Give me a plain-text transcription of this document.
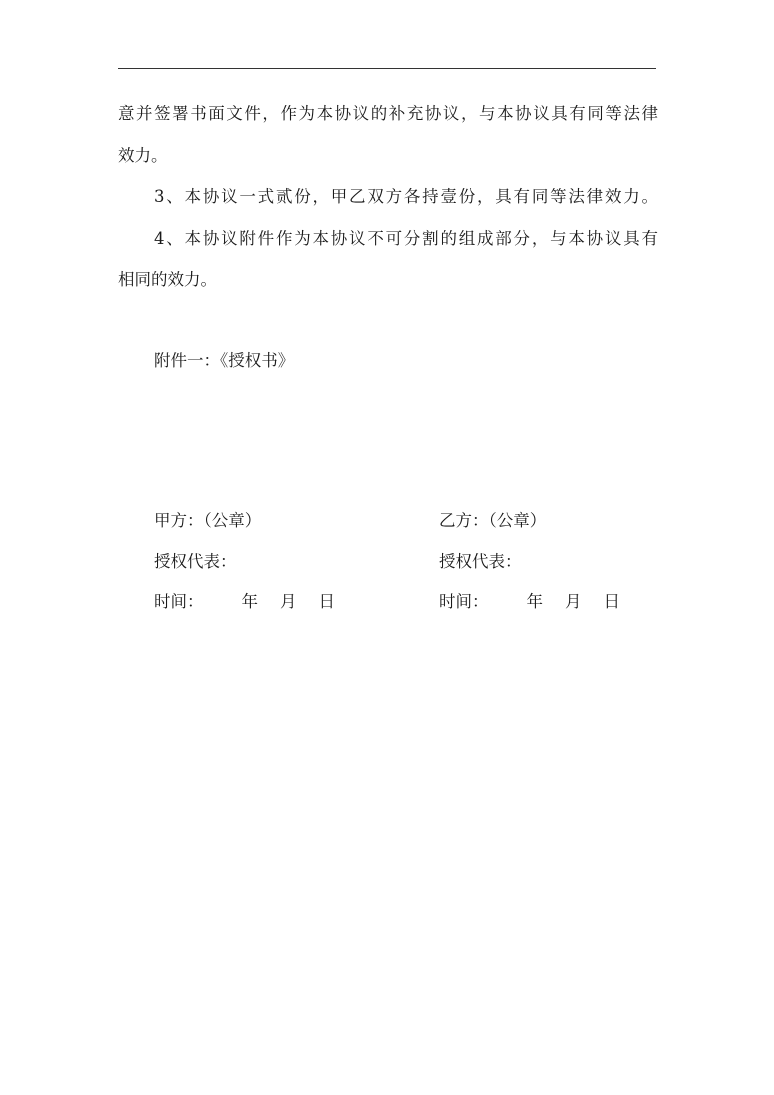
意并签署书面文件，作为本协议的补充协议，与本协议具有同等法律
效力。
3、本协议一式贰份，甲乙双方各持壹份，具有同等法律效力。
4、本协议附件作为本协议不可分割的组成部分，与本协议具有
相同的效力。
附件一：《授权书》
甲方：（公章）
授权代表：
时间： 年 月 日
乙方：（公章）
授权代表：
时间： 年 月 日
